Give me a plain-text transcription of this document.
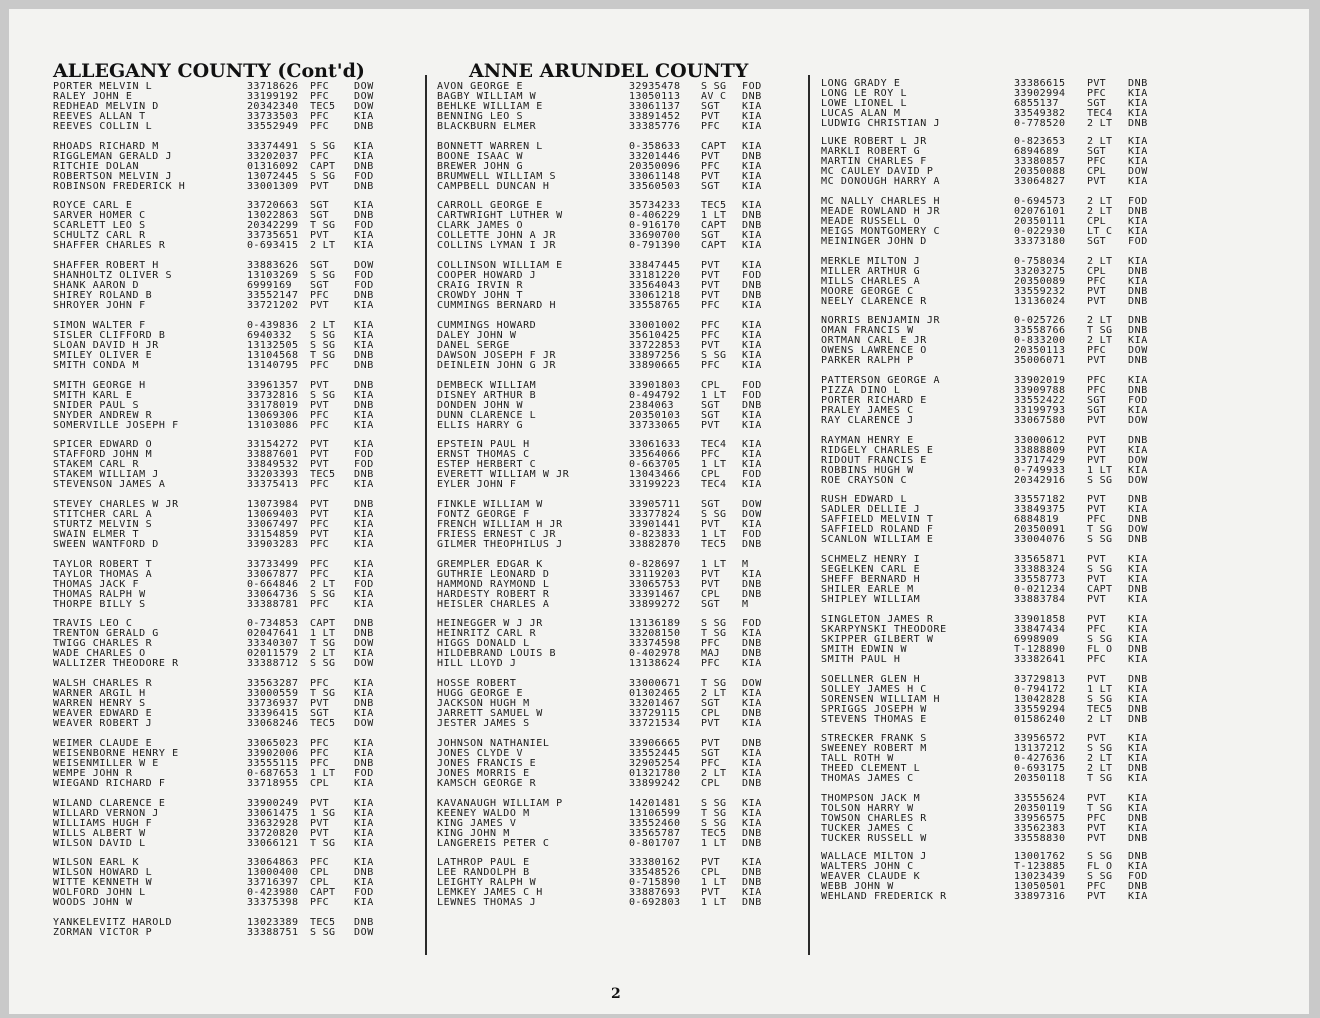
ALLEGANY COUNTY (Cont'd)	ANNE ARUNDEL COUNTY
PORTER MELVIN L	33718626 PFC	DOW
RALEY JOHN E	33199192 PFC	DOW
REDHEAD MELVIN D	20342340 TEC5 DOW
REEVES ALLAN T	33733503 PFC	KIA
REEVES COLLIN L	33552949 PFC	DNB
RHOADS RICHARD M	33374491 S SG KIA
RIGGLEMAN GERALD J	33202037 PFC	KIA
RITCHIE DOLAN	01316092 CAPT DNB
ROBERTSON MELVIN J	13072445 S SG FOD
ROBINSON FREDERICK H	33001309 PVT	DNB
ROYCE CARL E	33720663 SGT	KIA
SARVER HOMER C	13022863 SGT	DNB
SCARLETT LEO S	20342299 T SG FOD
SCHULTZ CARL R	33735651 PVT	KIA
SHAFFER CHARLES R	0-693415 2 LT KIA
SHAFFER ROBERT H	33883626 SGT	DOW
SHANHOLTZ OLIVER S	13103269 S SG FOD
SHANK AARON D	6999169 SGT	FOD
SHIREY ROLAND B	33552147 PFC	DNB
SHROYER JOHN F	33721202 PVT	KIA
SIMON WALTER F	0-439836 2 LT KIA
SISLER CLIFFORD B	6940332 S SG KIA
SLOAN DAVID H JR	13132505 S SG KIA
SMILEY OLIVER E	13104568 T SG DNB
SMITH CONDA M	13140795 PFC	DNB
SMITH GEORGE H	33961357 PVT	DNB
SMITH KARL E	33732816 S SG KIA
SNIDER PAUL S	33178019 PVT	DNB
SNYDER ANDREW R	13069306 PFC	KIA
SOMERVILLE JOSEPH F	13103086 PFC	KIA
SPICER EDWARD O	33154272 PVT	KIA
STAFFORD JOHN M	33887601 PVT	FOD
STAKEM CARL R	33849532 PVT	FOD
STAKEM WILLIAM J	33203393 TEC5 DNB
STEVENSON JAMES A	33375413 PFC	KIA
STEVEY CHARLES W JR	13073984 PVT	DNB
STITCHER CARL A	13069403 PVT	KIA
STURTZ MELVIN S	33067497 PFC	KIA
SWAIN ELMER T	33154859 PVT	KIA
SWEEN WANTFORD D	33903283 PFC	KIA
TAYLOR ROBERT T	33733499 PFC	KIA
TAYLOR THOMAS A	33067877 PFC	KIA
THOMAS JACK F	0-664846 2 LT FOD
THOMAS RALPH W	33064736 S SG KIA
THORPE BILLY S	33388781 PFC	KIA
TRAVIS LEO C	0-734853 CAPT DNB
TRENTON GERALD G	02047641 1 LT DNB
TWIGG CHARLES R	33340307 T SG DOW
WADE CHARLES O	02011579 2 LT KIA
WALLIZER THEODORE R	33388712 S SG DOW
WALSH CHARLES R	33563287 PFC	KIA
WARNER ARGIL H	33000559 T SG KIA
WARREN HENRY S	33736937 PVT	DNB
WEAVER EDWARD E	33396415 SGT	KIA
WEAVER ROBERT J	33068246 TEC5 DOW
WEIMER CLAUDE E	33065023 PFC	KIA
WEISENBORNE HENRY E	33902006 PFC	KIA
WEISENMILLER W E	33555115 PFC	DNB
WEMPE JOHN R	0-687653 1 LT FOD
WIEGAND RICHARD F	33718955 CPL	KIA
WILAND CLARENCE E	33900249 PVT	KIA
WILLARD VERNON J	33061475 1 SG KIA
WILLIAMS HUGH F	33632928 PVT	KIA
WILLS ALBERT W	33720820 PVT	KIA
WILSON DAVID L	33066121 T SG KIA
WILSON EARL K	33064863 PFC	KIA
WILSON HOWARD L	13000400 CPL	DNB
WITTE KENNETH W	33716397 CPL	KIA
WOLFORD JOHN L	0-423980 CAPT FOD
WOODS JOHN W	33375398 PFC	KIA
YANKELEVITZ HAROLD	13023389 TEC5 DNB
ZORMAN VICTOR P	33388751 S SG DOW
AVON GEORGE E	32935478 S SG FOD
BAGBY WILLIAM W	13050113 AV C DNB
BEHLKE WILLIAM E	33061137 SGT KIA
BENNING LEO S	33891452 PVT KIA
BLACKBURN ELMER	33385776 PFC KIA
BONNETT WARREN L	0-358633 CAPT KIA
BOONE ISAAC W	33201446 PVT DNB
BREWER JOHN G	20350096 PFC KIA
BRUMWELL WILLIAM S	33061148 PVT KIA
CAMPBELL DUNCAN H	33560503 SGT KIA
CARROLL GEORGE E	35734233 TEC5 KIA
CARTWRIGHT LUTHER W	0-406229 1 LT DNB
CLARK JAMES O	0-916170 CAPT DNB
COLLETTE JOHN A JR	33690700 SGT KIA
COLLINS LYMAN I JR	0-791390 CAPT KIA
COLLINSON WILLIAM E	33847445 PVT KIA
COOPER HOWARD J	33181220 PVT FOD
CRAIG IRVIN R	33564043 PVT DNB
CROWDY JOHN T	33061218 PVT DNB
CUMMINGS BERNARD H	33558765 PFC KIA
CUMMINGS HOWARD	33001002 PFC KIA
DALEY JOHN W	35610425 PFC KIA
DANEL SERGE	33722853 PVT KIA
DAWSON JOSEPH F JR	33897256 S SG KIA
DEINLEIN JOHN G JR	33890665 PFC KIA
DEMBECK WILLIAM	33901803 CPL FOD
DISNEY ARTHUR B	0-494792 1 LT FOD
DONDEN JOHN W	2384063	SGT DNB
DUNN CLARENCE L	20350103 SGT KIA
ELLIS HARRY G	33733065 PVT KIA
EPSTEIN PAUL H	33061633 TEC4 KIA
ERNST THOMAS C	33564066 PFC KIA
ESTEP HERBERT C	0-663705 1 LT KIA
EVERETT WILLIAM W JR	13043466 CPL FOD
EYLER JOHN F	33199223 TEC4 KIA
FINKLE WILLIAM W	33905711 SGT DOW
FONTZ GEORGE F	33377824 S SG DOW
FRENCH WILLIAM H JR	33901441 PVT KIA
FRIESS ERNEST C JR	0-823833 1 LT FOD
GILMER THEOPHILUS J	33882870 TEC5 DNB
GREMPLER EDGAR K	0-828697 1 LT M
GUTHRIE LEONARD D	33119203 PVT KIA
HAMMOND RAYMOND L	33065753 PVT DNB
HARDESTY ROBERT R	33391467 CPL DNB
HEISLER CHARLES A	33899272 SGT M
HEINEGGER W J JR	13136189 S SG FOD
HEINRITZ CARL R	33208150 T SG KIA
HIGGS DONALD L	33374598 PFC DNB
HILDEBRAND LOUIS B	0-402978 MAJ DNB
HILL LLOYD J	13138624 PFC KIA
HOSSE ROBERT	33000671 T SG DOW
HUGG GEORGE E	01302465 2 LT KIA
JACKSON HUGH M	33201467 SGT KIA
JARRETT SAMUEL W	33729115 CPL DNB
JESTER JAMES S	33721534 PVT KIA
JOHNSON NATHANIEL	33906665 PVT DNB
JONES CLYDE V	33552445 SGT KIA
JONES FRANCIS E	32905254 PFC KIA
JONES MORRIS E	01321780 2 LT KIA
KAMSCH GEORGE R	33899242 CPL DNB
KAVANAUGH WILLIAM P	14201481 S SG KIA
KEENEY WALDO M	13106599 T SG KIA
KING JAMES V	33552460 S SG KIA
KING JOHN M	33565787 TEC5 DNB
LANGEREIS PETER C	0-801707 1 LT DNB
LATHROP PAUL E	33380162 PVT KIA
LEE RANDOLPH B	33548526 CPL DNB
LEIGHTY RALPH W	0-715890 1 LT DNB
LEMKEY JAMES C H	33887693 PVT KIA
LEWNES THOMAS J	0-692803 1 LT DNB
LONG GRADY E	33386615 PVT DNB
LONG LE ROY L	33902994 PFC KIA
LOWE LIONEL L	6855137	SGT KIA
LUCAS ALAN M	33549382 TEC4 KIA
LUDWIG CHRISTIAN J	0-778520 2 LT DNB
LUKE ROBERT L JR	0-823653 2 LT KIA
MARKLI ROBERT G	6894689	SGT KIA
MARTIN CHARLES F	33380857 PFC KIA
MC CAULEY DAVID P	20350088 CPL DOW
MC DONOUGH HARRY A	33064827 PVT KIA
MC NALLY CHARLES H	0-694573 2 LT FOD
MEADE ROWLAND H JR	02076101 2 LT DNB
MEADE RUSSELL O	20350111 CPL KIA
MEIGS MONTGOMERY C	0-022930 LT C KIA
MEININGER JOHN D	33373180 SGT FOD
MERKLE MILTON J	0-758034 2 LT KIA
MILLER ARTHUR G	33203275 CPL DNB
MILLS CHARLES A	20350089 PFC KIA
MOORE GEORGE C	33559232 PVT DNB
NEELY CLARENCE R	13136024 PVT DNB
NORRIS BENJAMIN JR	0-025726 2 LT DNB
OMAN FRANCIS W	33558766 T SG DNB
ORTMAN CARL E JR	0-833200 2 LT KIA
OWENS LAWRENCE O	20350113 PFC DOW
PARKER RALPH P	35006071 PVT DNB
PATTERSON GEORGE A	33902019 PFC KIA
PIZZA DINO L	33909788 PFC DNB
PORTER RICHARD E	33552422 SGT FOD
PRALEY JAMES C	33199793 SGT KIA
RAY CLARENCE J	33067580 PVT DOW
RAYMAN HENRY E	33000612 PVT DNB
RIDGELY CHARLES E	33888809 PVT KIA
RIDOUT FRANCIS E	33717429 PVT DOW
ROBBINS HUGH W	0-749933 1 LT KIA
ROE CRAYSON C	20342916 S SG DOW
RUSH EDWARD L	33557182 PVT DNB
SADLER DELLIE J	33849375 PVT KIA
SAFFIELD MELVIN T	6884819	PFC DNB
SAFFIELD ROLAND F	20350091 T SG DOW
SCANLON WILLIAM E	33004076 S SG DNB
SCHMELZ HENRY I	33565871 PVT KIA
SEGELKEN CARL E	33388324 S SG KIA
SHEFF BERNARD H	33558773 PVT KIA
SHILER EARLE M	0-021234 CAPT DNB
SHIPLEY WILLIAM	33883784 PVT KIA
SINGLETON JAMES R	33901858 PVT KIA
SKARPYNSKI THEODORE	33847434 PFC KIA
SKIPPER GILBERT W	6998909	S SG KIA
SMITH EDWIN W	T-128890 FL O DNB
SMITH PAUL H	33382641 PFC KIA
SOELLNER GLEN H	33729813 PVT DNB
SOLLEY JAMES H C	0-794172 1 LT KIA
SORENSEN WILLIAM H	13042828 S SG KIA
SPRIGGS JOSEPH W	33559294 TEC5 DNB
STEVENS THOMAS E	01586240 2 LT DNB
STRECKER FRANK S	33956572 PVT KIA
SWEENEY ROBERT M	13137212 S SG KIA
TALL ROTH W	0-427636 2 LT KIA
THEED CLEMENT L	0-693175 2 LT DNB
THOMAS JAMES C	20350118 T SG KIA
THOMPSON JACK M	33555624 PVT KIA
TOLSON HARRY W	20350119 T SG KIA
TOWSON CHARLES R	33956575 PFC DNB
TUCKER JAMES C	33562383 PVT KIA
TUCKER RUSSELL W	33558830 PVT DNB
WALLACE MILTON J	13001762 S SG DNB
WALTERS JOHN C	T-123885 FL O KIA
WEAVER CLAUDE K	13023439 S SG FOD
WEBB JOHN W	13050501 PFC DNB
WEHLAND FREDERICK R	33897316 PVT KIA
2
